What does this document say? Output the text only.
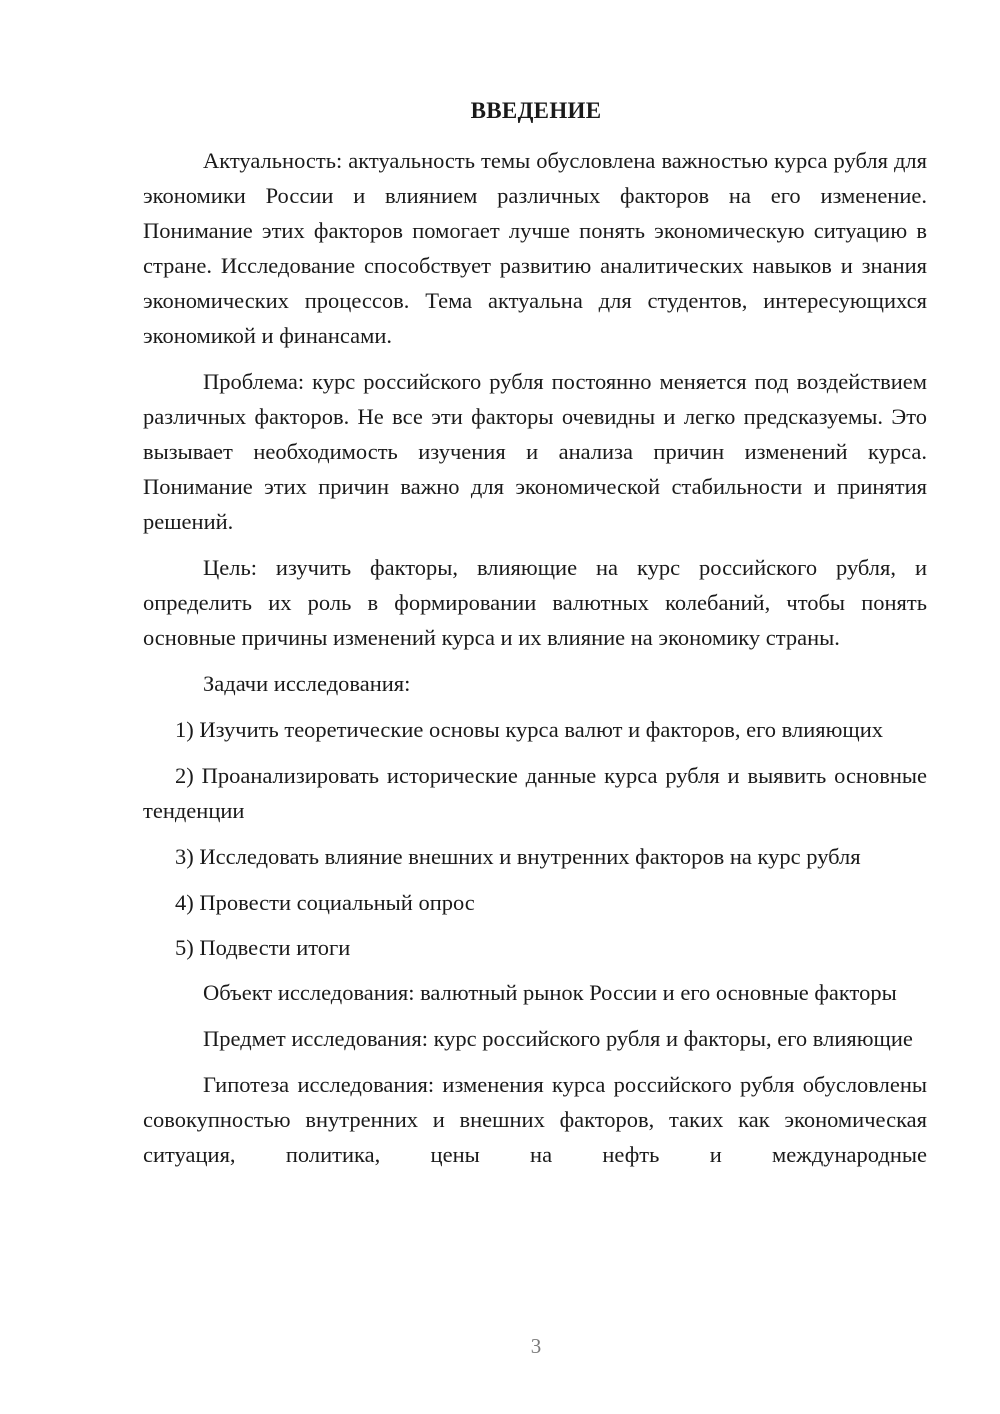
ВВЕДЕНИЕ

Актуальность: актуальность темы обусловлена важностью курса рубля для экономики России и влиянием различных факторов на его изменение. Понимание этих факторов помогает лучше понять экономическую ситуацию в стране. Исследование способствует развитию аналитических навыков и знания экономических процессов. Тема актуальна для студентов, интересующихся экономикой и финансами.

Проблема: курс российского рубля постоянно меняется под воздействием различных факторов. Не все эти факторы очевидны и легко предсказуемы. Это вызывает необходимость изучения и анализа причин изменений курса. Понимание этих причин важно для экономической стабильности и принятия решений.

Цель: изучить факторы, влияющие на курс российского рубля, и определить их роль в формировании валютных колебаний, чтобы понять основные причины изменений курса и их влияние на экономику страны.

Задачи исследования:

1) Изучить теоретические основы курса валют и факторов, его влияющих

2) Проанализировать исторические данные курса рубля и выявить основные тенденции

3) Исследовать влияние внешних и внутренних факторов на курс рубля

4) Провести социальный опрос

5) Подвести итоги

Объект исследования: валютный рынок России и его основные факторы

Предмет исследования: курс российского рубля и факторы, его влияющие

Гипотеза исследования: изменения курса российского рубля обусловлены совокупностью внутренних и внешних факторов, таких как экономическая ситуация, политика, цены на нефть и международные

3
